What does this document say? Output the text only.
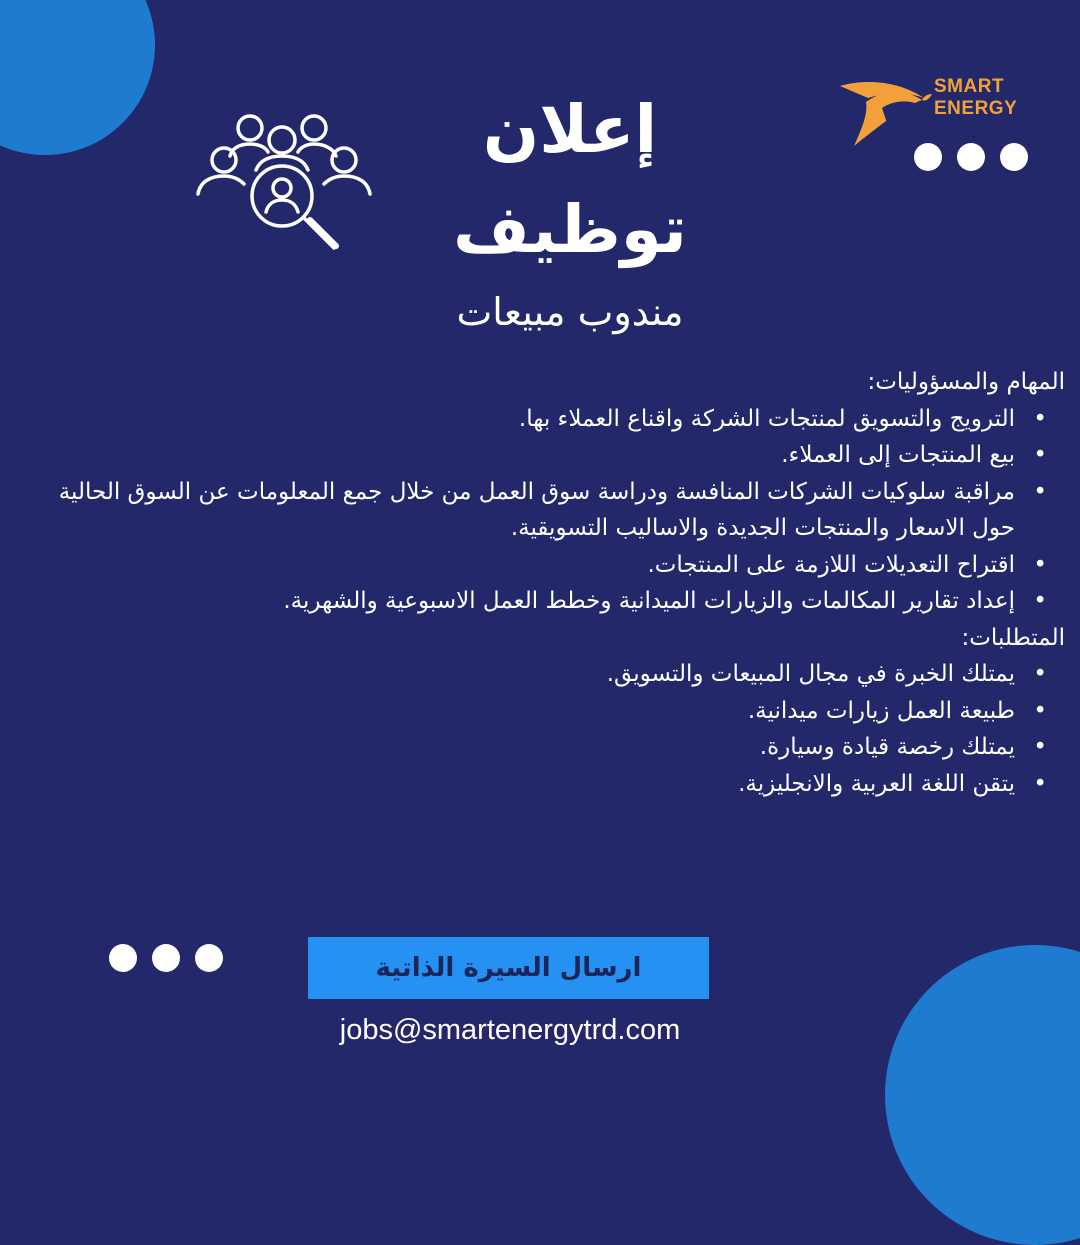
SMART
ENERGY
إعلان
توظيف
مندوب مبيعات
المهام والمسؤوليات:
• الترويج والتسويق لمنتجات الشركة واقناع العملاء بها.
• بيع المنتجات إلى العملاء.
• مراقبة سلوكيات الشركات المنافسة ودراسة سوق العمل من خلال جمع المعلومات عن السوق الحالية حول الاسعار والمنتجات الجديدة والاساليب التسويقية.
• اقتراح التعديلات اللازمة على المنتجات.
• إعداد تقارير المكالمات والزيارات الميدانية وخطط العمل الاسبوعية والشهرية.
المتطلبات:
• يمتلك الخبرة في مجال المبيعات والتسويق.
• طبيعة العمل زيارات ميدانية.
• يمتلك رخصة قيادة وسيارة.
• يتقن اللغة العربية والانجليزية.
ارسال السيرة الذاتية
jobs@smartenergytrd.com
